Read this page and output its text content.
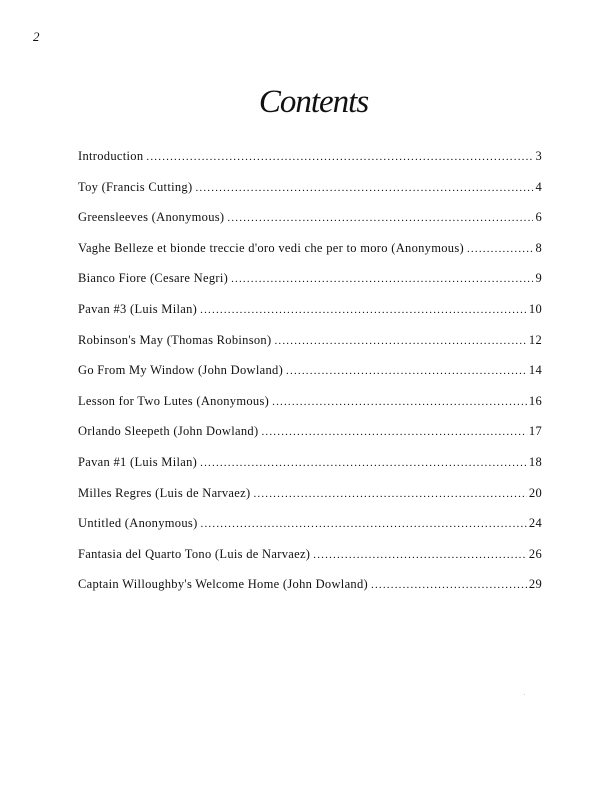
2
Contents
Introduction .....	3
Toy (Francis Cutting) .....	4
Greensleeves (Anonymous) .....	6
Vaghe Belleze et bionde treccie d'oro vedi che per to moro (Anonymous) .....	8
Bianco Fiore (Cesare Negri) .....	9
Pavan #3 (Luis Milan) .....	10
Robinson's May (Thomas Robinson) .....	12
Go From My Window (John Dowland) .....	14
Lesson for Two Lutes (Anonymous) .....	16
Orlando Sleepeth (John Dowland) .....	17
Pavan #1 (Luis Milan) .....	18
Milles Regres (Luis de Narvaez) .....	20
Untitled (Anonymous) .....	24
Fantasia del Quarto Tono (Luis de Narvaez) .....	26
Captain Willoughby's Welcome Home (John Dowland) .....	29
